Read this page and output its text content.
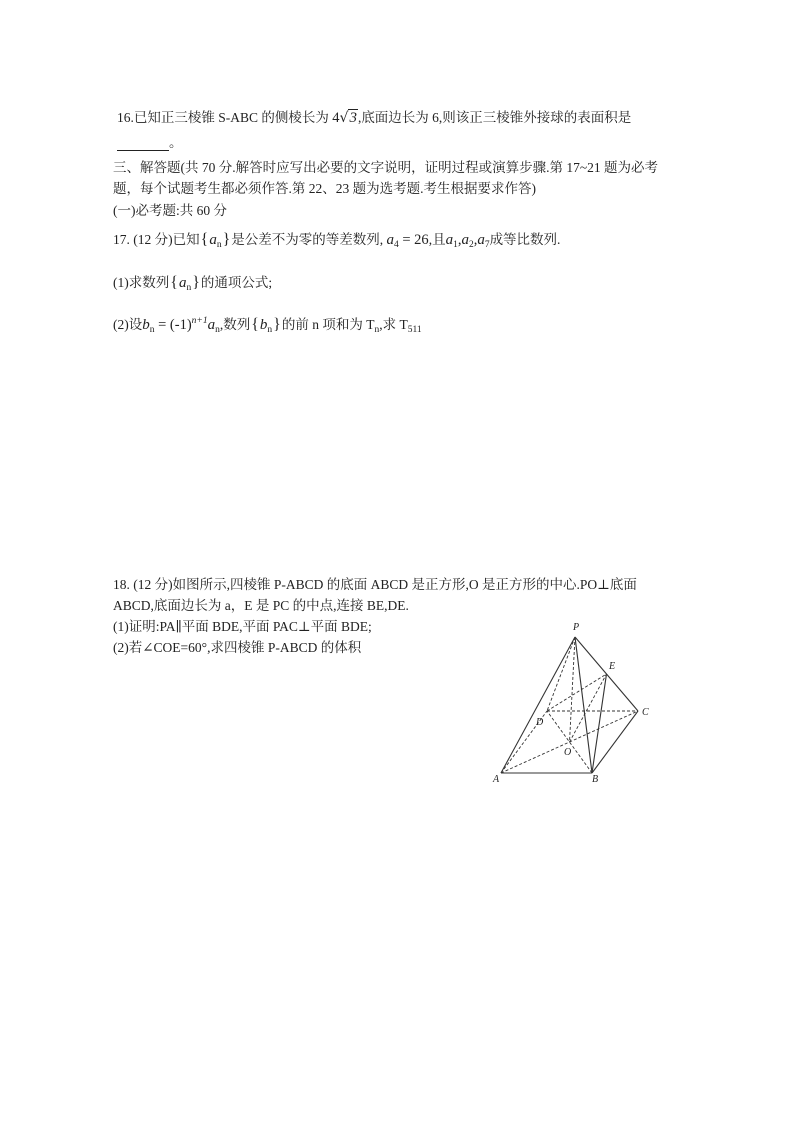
16.已知正三棱锥 S-ABC 的侧棱长为 4√3,底面边长为 6,则该正三棱锥外接球的表面积是
。
三、解答题(共 70 分.解答时应写出必要的文字说明，证明过程或演算步骤.第 17~21 题为必考
题，每个试题考生都必须作答.第 22、23 题为选考题.考生根据要求作答)
(一)必考题:共 60 分
17. (12 分)已知$\{a_n\}$是公差不为零的等差数列, $a_4 = 26$,且$a_1,a_2,a_7$成等比数列.
(1)求数列$\{a_n\}$的通项公式;
(2)设$b_n = (-1)^{n+1}a_n$,数列$\{b_n\}$的前 n 项和为 $T_n$,求 $T_{511}$
18. (12 分)如图所示,四棱锥 P-ABCD 的底面 ABCD 是正方形,O 是正方形的中心.PO⊥底面
ABCD,底面边长为 a，E 是 PC 的中点,连接 BE,DE.
(1)证明:PA∥平面 BDE,平面 PAC⊥平面 BDE;
(2)若∠COE=60°,求四棱锥 P-ABCD 的体积
P
E
C
D
O
A	B
